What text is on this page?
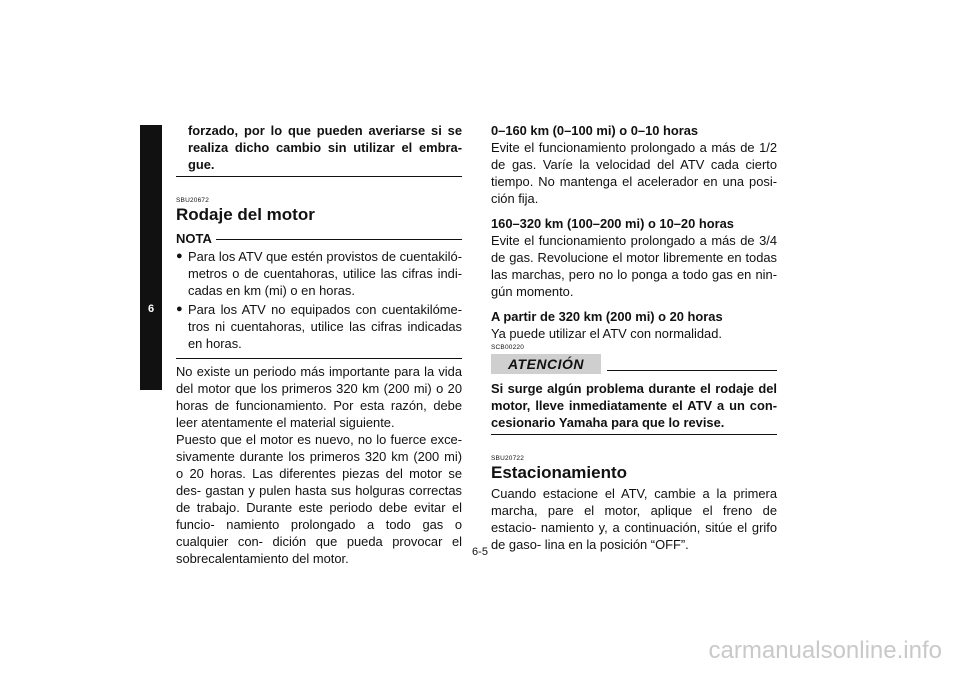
6

forzado, por lo que pueden averiarse si se realiza dicho cambio sin utilizar el embra- gue.

SBU20672

Rodaje del motor
NOTA
● Para los ATV que estén provistos de cuentakiló- metros o de cuentahoras, utilice las cifras indi- cadas en km (mi) o en horas.
● Para los ATV no equipados con cuentakilóme- tros ni cuentahoras, utilice las cifras indicadas en horas.

No existe un periodo más importante para la vida del motor que los primeros 320 km (200 mi) o 20 horas de funcionamiento. Por esta razón, debe leer atentamente el material siguiente.

Puesto que el motor es nuevo, no lo fuerce exce- sivamente durante los primeros 320 km (200 mi) o 20 horas. Las diferentes piezas del motor se des- gastan y pulen hasta sus holguras correctas de trabajo. Durante este periodo debe evitar el funcio- namiento prolongado a todo gas o cualquier con- dición que pueda provocar el sobrecalentamiento del motor.

0–160 km (0–100 mi) o 0–10 horas

Evite el funcionamiento prolongado a más de 1/2 de gas. Varíe la velocidad del ATV cada cierto tiempo. No mantenga el acelerador en una posi- ción fija.

160–320 km (100–200 mi) o 10–20 horas

Evite el funcionamiento prolongado a más de 3/4 de gas. Revolucione el motor libremente en todas las marchas, pero no lo ponga a todo gas en nin- gún momento.

A partir de 320 km (200 mi) o 20 horas

Ya puede utilizar el ATV con normalidad.

SCB00220

ATENCIÓN

Si surge algún problema durante el rodaje del motor, lleve inmediatamente el ATV a un con- cesionario Yamaha para que lo revise.

SBU20722

Estacionamiento

Cuando estacione el ATV, cambie a la primera marcha, pare el motor, aplique el freno de estacio- namiento y, a continuación, sitúe el grifo de gaso- lina en la posición “OFF”.

6-5
carmanualsonline.info
